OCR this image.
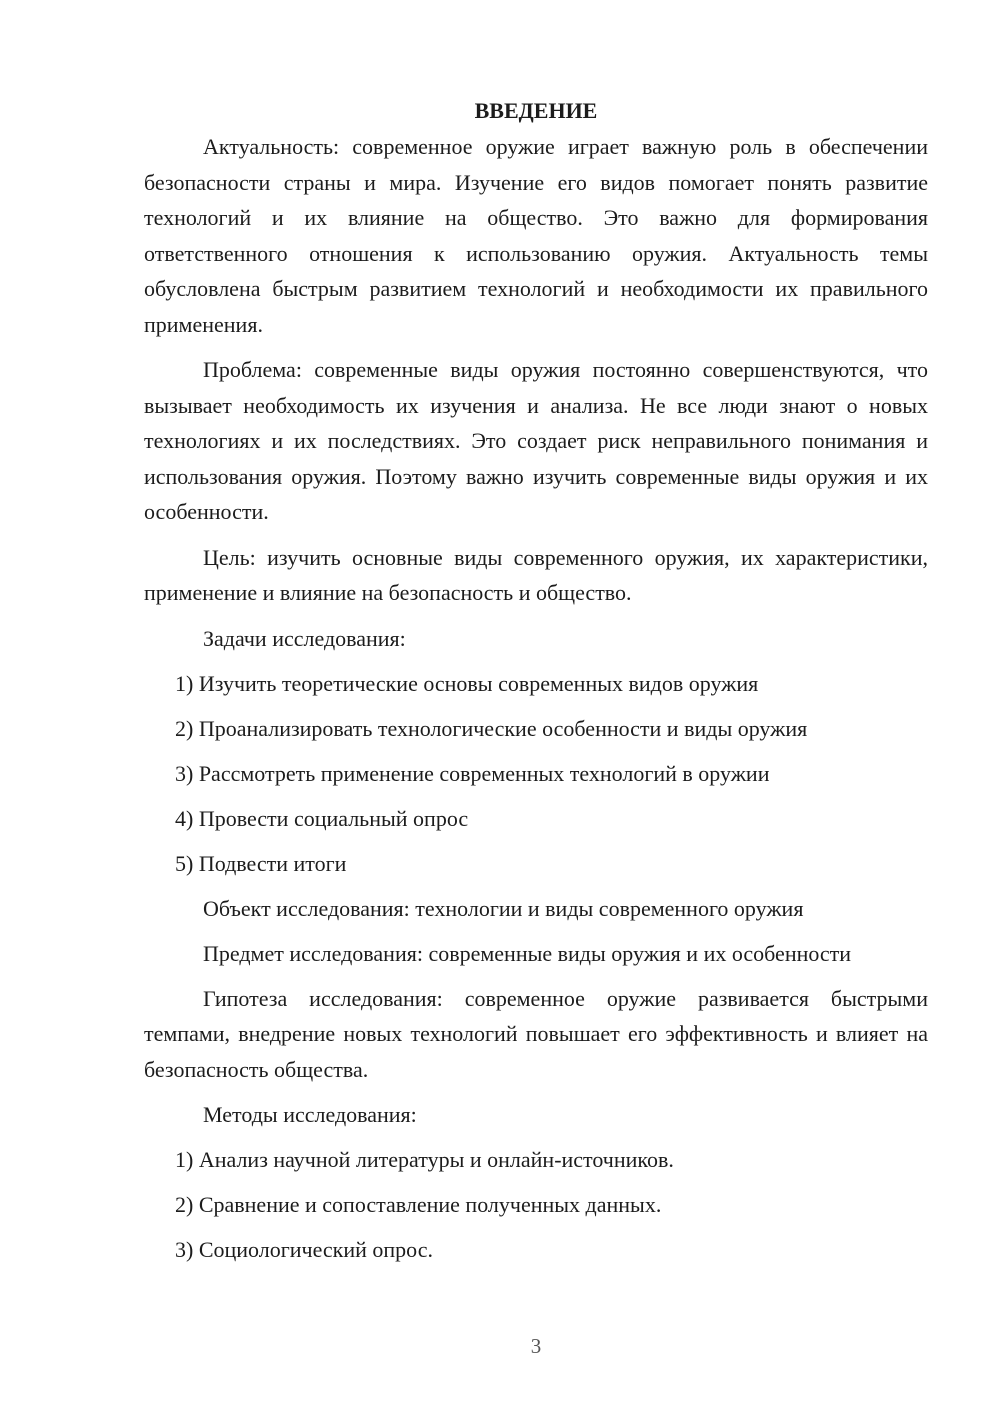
ВВЕДЕНИЕ

Актуальность: современное оружие играет важную роль в обеспечении безопасности страны и мира. Изучение его видов помогает понять развитие технологий и их влияние на общество. Это важно для формирования ответственного отношения к использованию оружия. Актуальность темы обусловлена быстрым развитием технологий и необходимости их правильного применения.

Проблема: современные виды оружия постоянно совершенствуются, что вызывает необходимость их изучения и анализа. Не все люди знают о новых технологиях и их последствиях. Это создает риск неправильного понимания и использования оружия. Поэтому важно изучить современные виды оружия и их особенности.

Цель: изучить основные виды современного оружия, их характеристики, применение и влияние на безопасность и общество.

Задачи исследования:
1) Изучить теоретические основы современных видов оружия
2) Проанализировать технологические особенности и виды оружия
3) Рассмотреть применение современных технологий в оружии
4) Провести социальный опрос
5) Подвести итоги
Объект исследования: технологии и виды современного оружия
Предмет исследования: современные виды оружия и их особенности

Гипотеза исследования: современное оружие развивается быстрыми темпами, внедрение новых технологий повышает его эффективность и влияет на безопасность общества.

Методы исследования:
1) Анализ научной литературы и онлайн-источников.
2) Сравнение и сопоставление полученных данных.
3) Социологический опрос.
3
